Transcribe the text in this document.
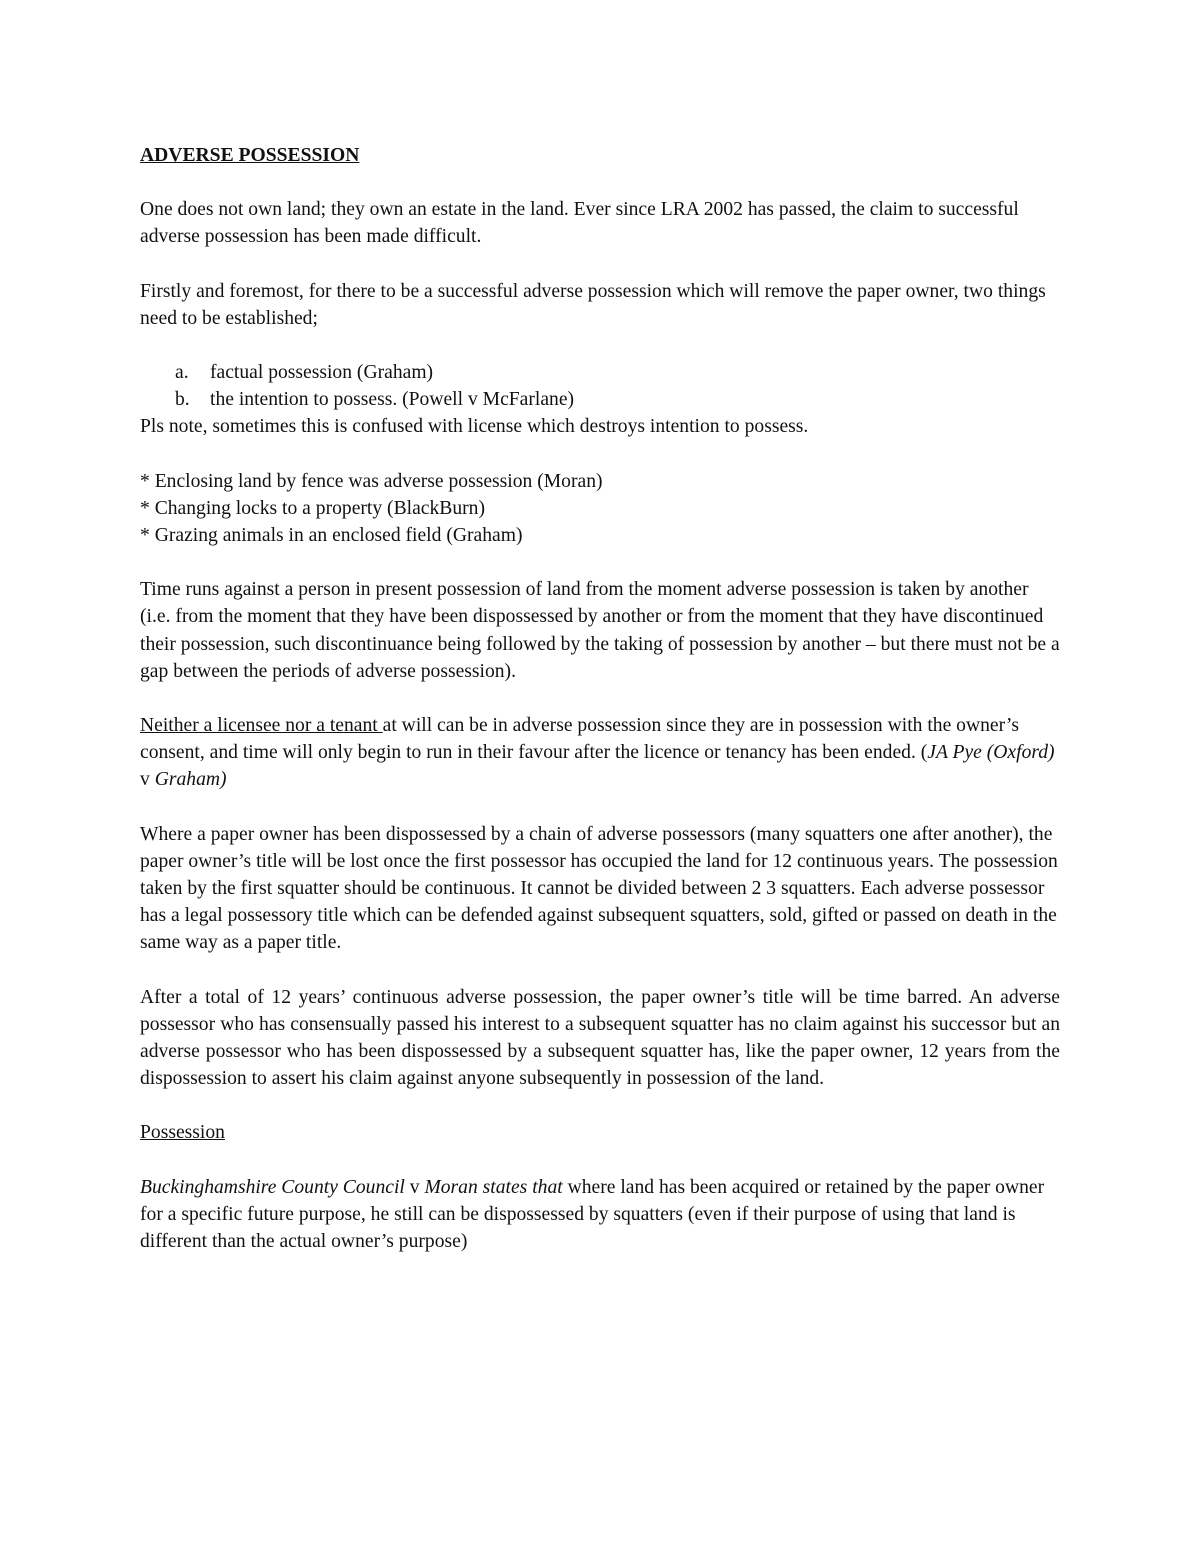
ADVERSE POSSESSION

One does not own land; they own an estate in the land. Ever since LRA 2002 has passed, the claim to successful adverse possession has been made difficult.

Firstly and foremost, for there to be a successful adverse possession which will remove the paper owner, two things need to be established;

a.	factual possession (Graham)
b.	the intention to possess. (Powell v McFarlane)

Pls note, sometimes this is confused with license which destroys intention to possess.

* Enclosing land by fence was adverse possession (Moran)

* Changing locks to a property (BlackBurn)

* Grazing animals in an enclosed field (Graham)

Time runs against a person in present possession of land from the moment adverse possession is taken by another (i.e. from the moment that they have been dispossessed by another or from the moment that they have discontinued their possession, such discontinuance being followed by the taking of possession by another – but there must not be a gap between the periods of adverse possession).

Neither a licensee nor a tenant at will can be in adverse possession since they are in possession with the owner’s consent, and time will only begin to run in their favour after the licence or tenancy has been ended. (JA Pye (Oxford) v Graham)

Where a paper owner has been dispossessed by a chain of adverse possessors (many squatters one after another), the paper owner’s title will be lost once the first possessor has occupied the land for 12 continuous years. The possession taken by the first squatter should be continuous. It cannot be divided between 2 3 squatters. Each adverse possessor has a legal possessory title which can be defended against subsequent squatters, sold, gifted or passed on death in the same way as a paper title.

After a total of 12 years’ continuous adverse possession, the paper owner’s title will be time barred. An adverse possessor who has consensually passed his interest to a subsequent squatter has no claim against his successor but an adverse possessor who has been dispossessed by a subsequent squatter has, like the paper owner, 12 years from the dispossession to assert his claim against anyone subsequently in possession of the land.

Possession

Buckinghamshire County Council v Moran states that where land has been acquired or retained by the paper owner for a specific future purpose, he still can be dispossessed by squatters (even if their purpose of using that land is different than the actual owner’s purpose)
